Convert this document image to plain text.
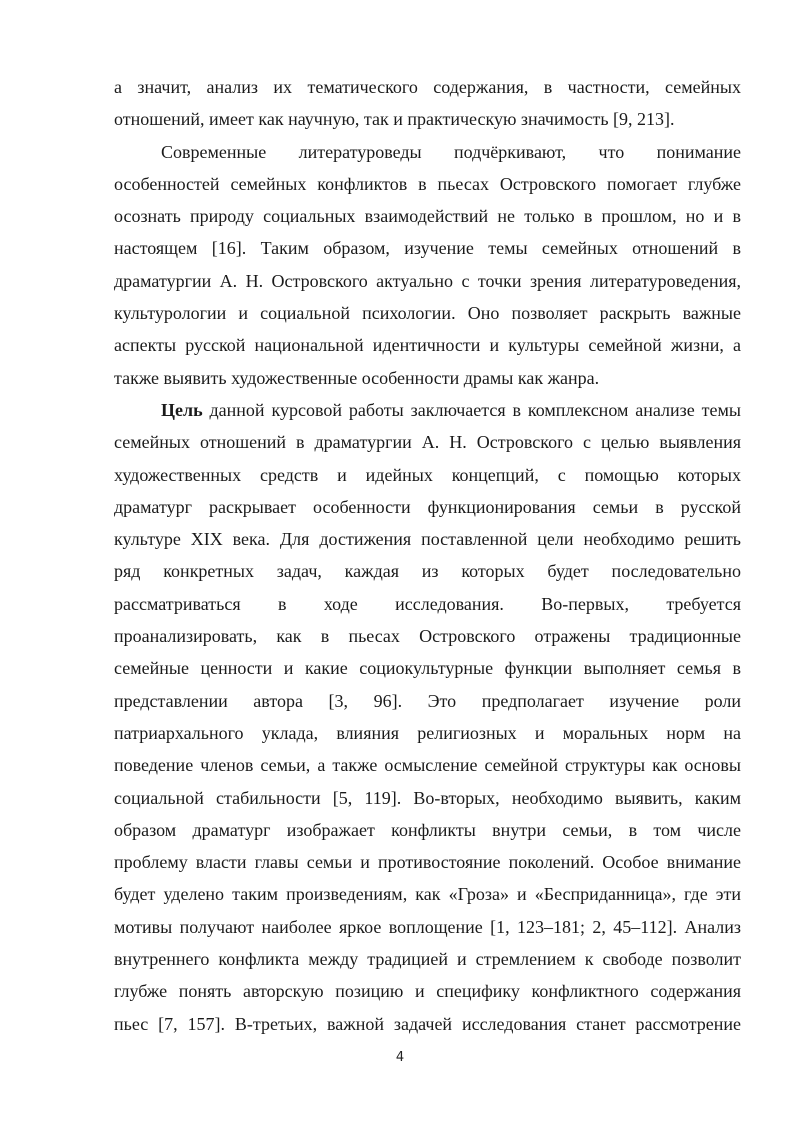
а значит, анализ их тематического содержания, в частности, семейных
отношений, имеет как научную, так и практическую значимость [9, 213].
Современные литературоведы подчёркивают, что понимание
особенностей семейных конфликтов в пьесах Островского помогает глубже
осознать природу социальных взаимодействий не только в прошлом, но и в
настоящем [16]. Таким образом, изучение темы семейных отношений в
драматургии А. Н. Островского актуально с точки зрения литературоведения,
культурологии и социальной психологии. Оно позволяет раскрыть важные
аспекты русской национальной идентичности и культуры семейной жизни, а
также выявить художественные особенности драмы как жанра.
Цель данной курсовой работы заключается в комплексном анализе темы
семейных отношений в драматургии А. Н. Островского с целью выявления
художественных средств и идейных концепций, с помощью которых
драматург раскрывает особенности функционирования семьи в русской
культуре XIX века. Для достижения поставленной цели необходимо решить
ряд конкретных задач, каждая из которых будет последовательно
рассматриваться в ходе исследования. Во-первых, требуется
проанализировать, как в пьесах Островского отражены традиционные
семейные ценности и какие социокультурные функции выполняет семья в
представлении автора [3, 96]. Это предполагает изучение роли
патриархального уклада, влияния религиозных и моральных норм на
поведение членов семьи, а также осмысление семейной структуры как основы
социальной стабильности [5, 119]. Во-вторых, необходимо выявить, каким
образом драматург изображает конфликты внутри семьи, в том числе
проблему власти главы семьи и противостояние поколений. Особое внимание
будет уделено таким произведениям, как «Гроза» и «Бесприданница», где эти
мотивы получают наиболее яркое воплощение [1, 123–181; 2, 45–112]. Анализ
внутреннего конфликта между традицией и стремлением к свободе позволит
глубже понять авторскую позицию и специфику конфликтного содержания
пьес [7, 157]. В-третьих, важной задачей исследования станет рассмотрение
4
